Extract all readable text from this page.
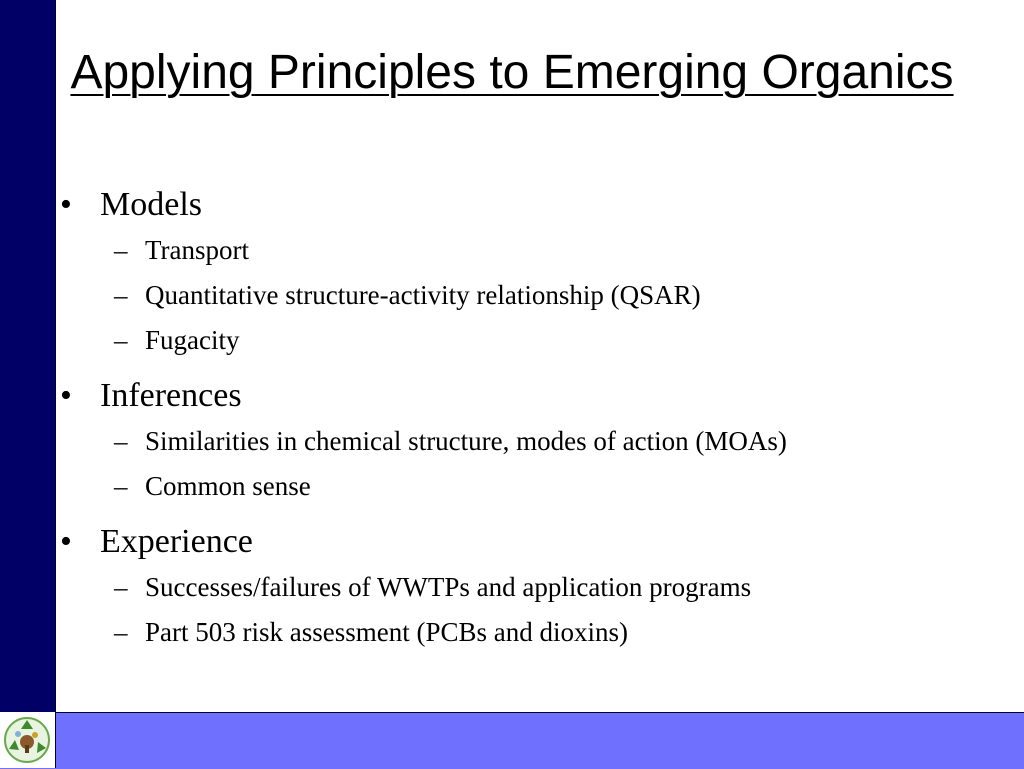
Applying Principles to Emerging Organics
• Models
– Transport
– Quantitative structure-activity relationship (QSAR)
– Fugacity
• Inferences
– Similarities in chemical structure, modes of action (MOAs)
– Common sense
• Experience
– Successes/failures of WWTPs and application programs
– Part 503 risk assessment (PCBs and dioxins)
